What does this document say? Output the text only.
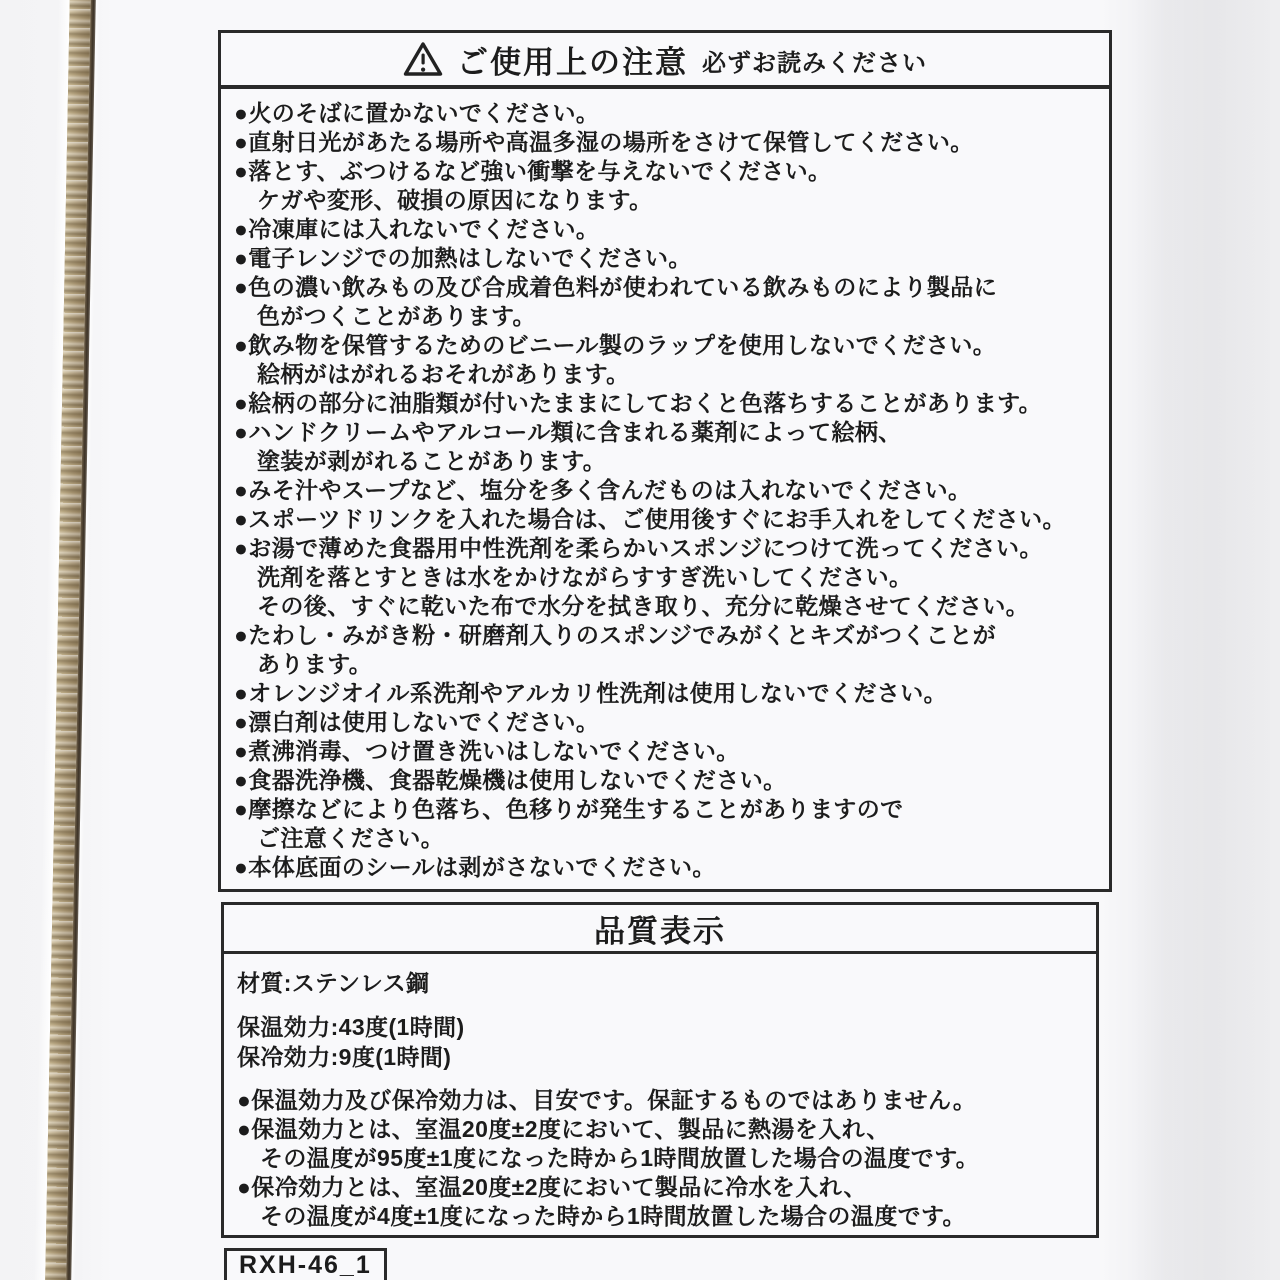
ご使用上の注意 必ずお読みください
●火のそばに置かないでください。
●直射日光があたる場所や高温多湿の場所をさけて保管してください。
●落とす、ぶつけるなど強い衝撃を与えないでください。
ケガや変形、破損の原因になります。
●冷凍庫には入れないでください。
●電子レンジでの加熱はしないでください。
●色の濃い飲みもの及び合成着色料が使われている飲みものにより製品に
色がつくことがあります。
●飲み物を保管するためのビニール製のラップを使用しないでください。
絵柄がはがれるおそれがあります。
●絵柄の部分に油脂類が付いたままにしておくと色落ちすることがあります。
●ハンドクリームやアルコール類に含まれる薬剤によって絵柄、
塗装が剥がれることがあります。
●みそ汁やスープなど、塩分を多く含んだものは入れないでください。
●スポーツドリンクを入れた場合は、ご使用後すぐにお手入れをしてください。
●お湯で薄めた食器用中性洗剤を柔らかいスポンジにつけて洗ってください。
洗剤を落とすときは水をかけながらすすぎ洗いしてください。
その後、すぐに乾いた布で水分を拭き取り、充分に乾燥させてください。
●たわし・みがき粉・研磨剤入りのスポンジでみがくとキズがつくことが
あります。
●オレンジオイル系洗剤やアルカリ性洗剤は使用しないでください。
●漂白剤は使用しないでください。
●煮沸消毒、つけ置き洗いはしないでください。
●食器洗浄機、食器乾燥機は使用しないでください。
●摩擦などにより色落ち、色移りが発生することがありますので
ご注意ください。
●本体底面のシールは剥がさないでください。
品質表示
材質:ステンレス鋼
保温効力:43度(1時間)
保冷効力:9度(1時間)
●保温効力及び保冷効力は、目安です。保証するものではありません。
●保温効力とは、室温20度±2度において、製品に熱湯を入れ、
その温度が95度±1度になった時から1時間放置した場合の温度です。
●保冷効力とは、室温20度±2度において製品に冷水を入れ、
その温度が4度±1度になった時から1時間放置した場合の温度です。
RXH-46_1
